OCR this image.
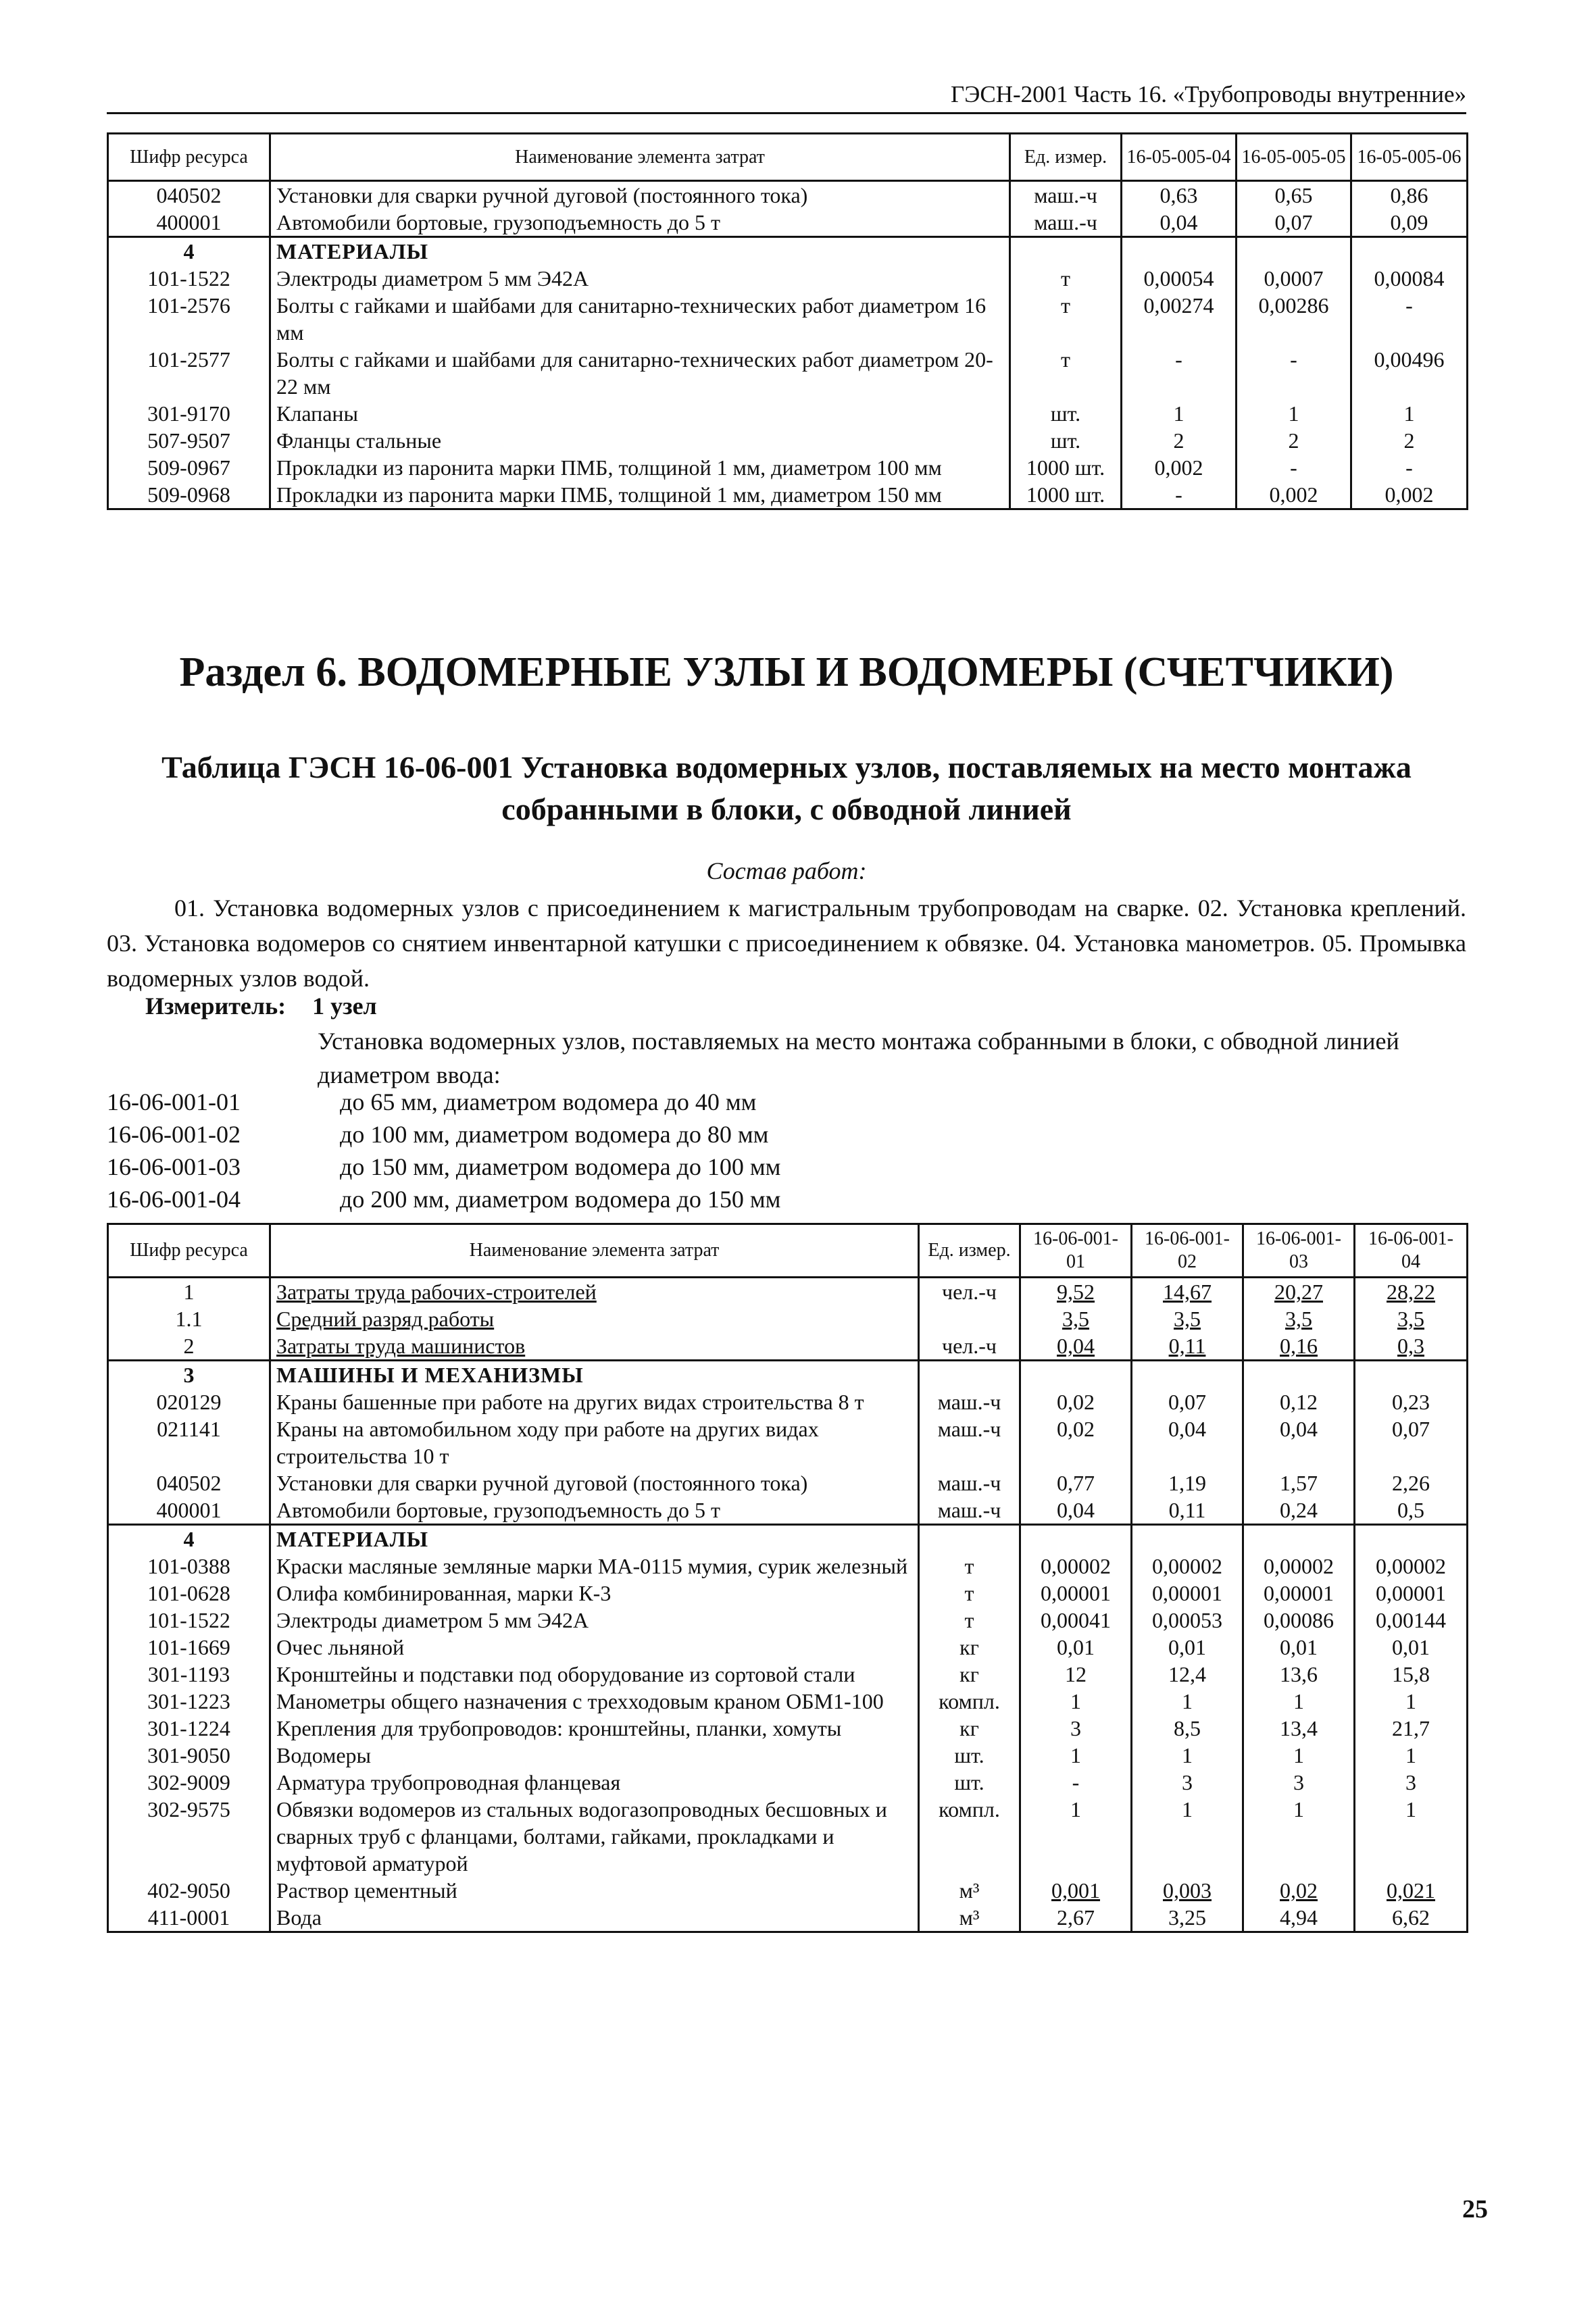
ГЭСН-2001 Часть 16. «Трубопроводы внутренние»
Шифр ресурса	Наименование элемента затрат	Ед. измер.	16-05-005-04	16-05-005-05	16-05-005-06
040502	Установки для сварки ручной дуговой (постоянного тока)	маш.-ч	0,63	0,65	0,86
400001	Автомобили бортовые, грузоподъемность до 5 т	маш.-ч	0,04	0,07	0,09
4	МАТЕРИАЛЫ				
101-1522	Электроды диаметром 5 мм Э42А	т	0,00054	0,0007	0,00084
101-2576	Болты с гайками и шайбами для санитарно-технических работ диаметром 16 мм	т	0,00274	0,00286	-
101-2577	Болты с гайками и шайбами для санитарно-технических работ диаметром 20-22 мм	т	-	-	0,00496
301-9170	Клапаны	шт.	1	1	1
507-9507	Фланцы стальные	шт.	2	2	2
509-0967	Прокладки из паронита марки ПМБ, толщиной 1 мм, диаметром 100 мм	1000 шт.	0,002	-	-
509-0968	Прокладки из паронита марки ПМБ, толщиной 1 мм, диаметром 150 мм	1000 шт.	-	0,002	0,002
Раздел 6. ВОДОМЕРНЫЕ УЗЛЫ И ВОДОМЕРЫ (СЧЕТЧИКИ)
Таблица ГЭСН 16-06-001 Установка водомерных узлов, поставляемых на место монтажа собранными в блоки, с обводной линией
Состав работ:
01. Установка водомерных узлов с присоединением к магистральным трубопроводам на сварке. 02. Установка креплений. 03. Установка водомеров со снятием инвентарной катушки с присоединением к обвязке. 04. Установка манометров. 05. Промывка водомерных узлов водой.
Измеритель: 1 узел
Установка водомерных узлов, поставляемых на место монтажа собранными в блоки, с обводной линией диаметром ввода:
16-06-001-01	до 65 мм, диаметром водомера до 40 мм
16-06-001-02	до 100 мм, диаметром водомера до 80 мм
16-06-001-03	до 150 мм, диаметром водомера до 100 мм
16-06-001-04	до 200 мм, диаметром водомера до 150 мм
Шифр ресурса	Наименование элемента затрат	Ед. измер.	16-06-001-01	16-06-001-02	16-06-001-03	16-06-001-04
1	Затраты труда рабочих-строителей	чел.-ч	9,52	14,67	20,27	28,22
1.1	Средний разряд работы		3,5	3,5	3,5	3,5
2	Затраты труда машинистов	чел.-ч	0,04	0,11	0,16	0,3
3	МАШИНЫ И МЕХАНИЗМЫ					
020129	Краны башенные при работе на других видах строительства 8 т	маш.-ч	0,02	0,07	0,12	0,23
021141	Краны на автомобильном ходу при работе на других видах строительства 10 т	маш.-ч	0,02	0,04	0,04	0,07
040502	Установки для сварки ручной дуговой (постоянного тока)	маш.-ч	0,77	1,19	1,57	2,26
400001	Автомобили бортовые, грузоподъемность до 5 т	маш.-ч	0,04	0,11	0,24	0,5
4	МАТЕРИАЛЫ					
101-0388	Краски масляные земляные марки МА-0115 мумия, сурик железный	т	0,00002	0,00002	0,00002	0,00002
101-0628	Олифа комбинированная, марки К-3	т	0,00001	0,00001	0,00001	0,00001
101-1522	Электроды диаметром 5 мм Э42А	т	0,00041	0,00053	0,00086	0,00144
101-1669	Очес льняной	кг	0,01	0,01	0,01	0,01
301-1193	Кронштейны и подставки под оборудование из сортовой стали	кг	12	12,4	13,6	15,8
301-1223	Манометры общего назначения с трехходовым краном ОБМ1-100	компл.	1	1	1	1
301-1224	Крепления для трубопроводов: кронштейны, планки, хомуты	кг	3	8,5	13,4	21,7
301-9050	Водомеры	шт.	1	1	1	1
302-9009	Арматура трубопроводная фланцевая	шт.	-	3	3	3
302-9575	Обвязки водомеров из стальных водогазопроводных бесшовных и сварных труб с фланцами, болтами, гайками, прокладками и муфтовой арматурой	компл.	1	1	1	1
402-9050	Раствор цементный	м³	0,001	0,003	0,02	0,021
411-0001	Вода	м³	2,67	3,25	4,94	6,62
25
